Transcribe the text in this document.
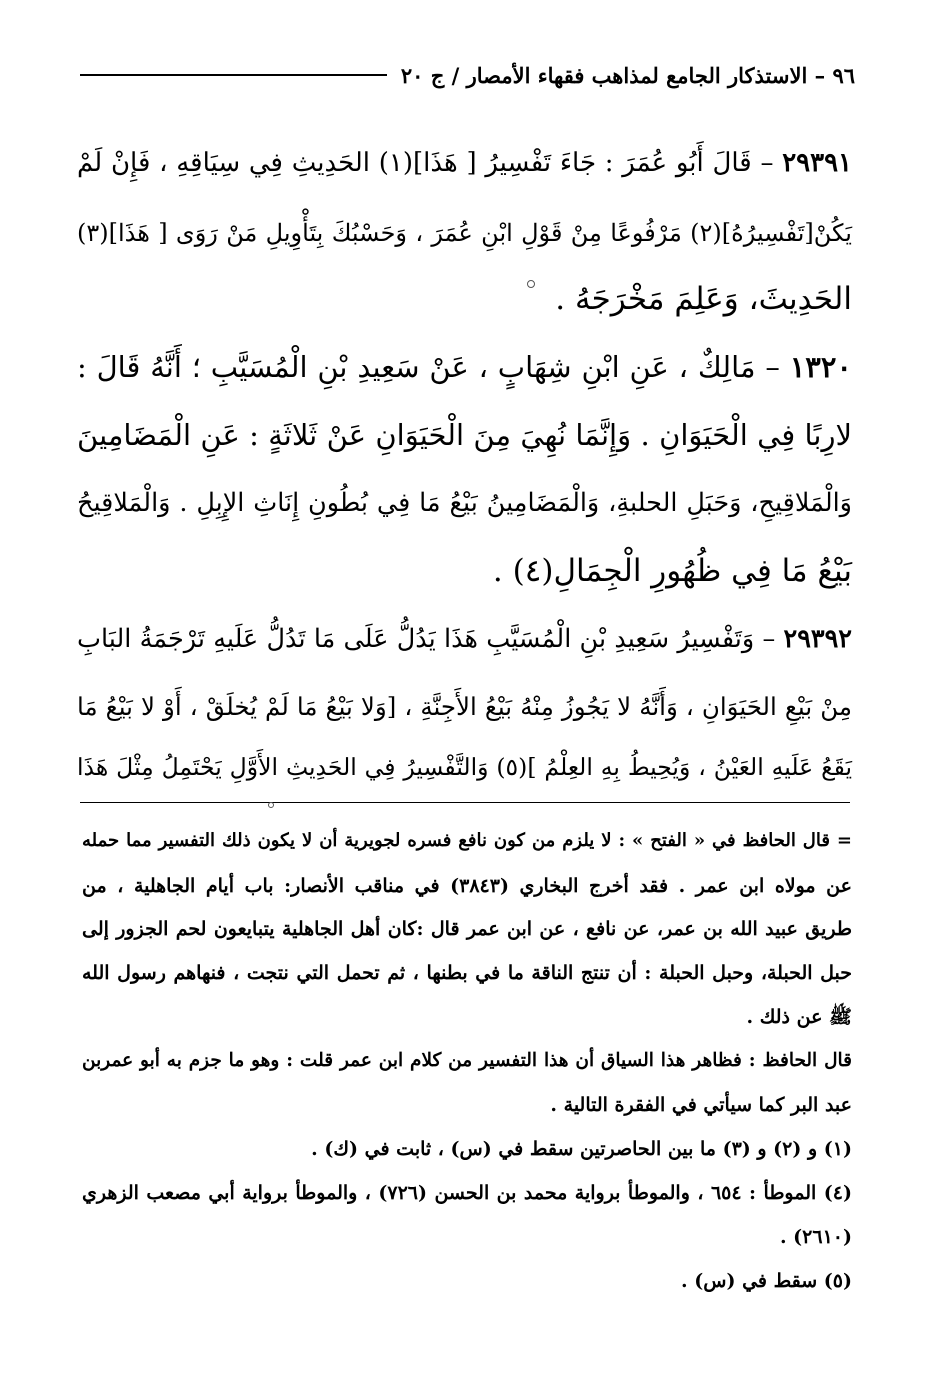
٩٦ – الاستذكار الجامع لمذاهب فقهاء الأمصار / ج ٢٠
٢٩٣٩١ – قَالَ أَبُو عُمَرَ : جَاءَ تَفْسِيرُ [ هَذَا](١) الحَدِيثِ فِي سِيَاقِهِ ، فَإِنْ لَمْ
يَكُنْ[تَفْسِيرُهُ](٢) مَرْفُوعًا مِنْ قَوْلِ ابْنِ عُمَرَ ، وَحَسْبُكَ بِتَأْوِيلِ مَنْ رَوَى [ هَذَا](٣)
الحَدِيثَ، وَعَلِمَ مَخْرَجَهُ .
١٣٢٠ – مَالِكٌ ، عَنِ ابْنِ شِهَابٍ ، عَنْ سَعِيدِ بْنِ الْمُسَيَّبِ ؛ أَنَّهُ قَالَ :
لارِبًا فِي الْحَيَوَانِ . وَإِنَّمَا نُهِيَ مِنَ الْحَيَوَانِ عَنْ ثَلاثَةٍ : عَنِ الْمَضَامِينَ
وَالْمَلاقِيحِ، وَحَبَلِ الحلبةِ، وَالْمَضَامِينُ بَيْعُ مَا فِي بُطُونِ إِنَاثِ الإِبِلِ . وَالْمَلاقِيحُ
بَيْعُ مَا فِي ظُهُورِ الْجِمَالِ(٤) .
٢٩٣٩٢ – وَتَفْسِيرُ سَعِيدِ بْنِ الْمُسَيَّبِ هَذَا يَدُلُّ عَلَى مَا تَدُلُّ عَلَيهِ تَرْجَمَةُ البَابِ
مِنْ بَيْعِ الحَيَوَانِ ، وَأَنَّهُ لا يَجُوزُ مِنْهُ بَيْعُ الأَجِنَّةِ ، [وَلا بَيْعُ مَا لَمْ يُخلَقْ ، أَوْ لا بَيْعُ مَا
يَقَعُ عَلَيهِ العَيْنُ ، وَيُحِيطُ بِهِ العِلْمُ ](٥) وَالتَّفْسِيرُ فِي الحَدِيثِ الأَوَّلِ يَحْتَمِلُ مِثْلَ هَذَا
= قال الحافظ في « الفتح » : لا يلزم من كون نافع فسره لجويرية أن لا يكون ذلك التفسير مما حمله
عن مولاه ابن عمر . فقد أخرج البخاري (٣٨٤٣) في مناقب الأنصار: باب أيام الجاهلية ، من
طريق عبيد الله بن عمر، عن نافع ، عن ابن عمر قال :كان أهل الجاهلية يتبايعون لحم الجزور إلى
حبل الحبلة، وحبل الحبلة : أن تنتج الناقة ما في بطنها ، ثم تحمل التي نتجت ، فنهاهم رسول الله
ﷺ عن ذلك .
قال الحافظ : فظاهر هذا السياق أن هذا التفسير من كلام ابن عمر قلت : وهو ما جزم به أبو عمربن
عبد البر كما سيأتي في الفقرة التالية .
(١) و (٢) و (٣) ما بين الحاصرتين سقط في (س) ، ثابت في (ك) .
(٤) الموطأ : ٦٥٤ ، والموطأ برواية محمد بن الحسن (٧٢٦) ، والموطأ برواية أبي مصعب الزهري
(٢٦١٠) .
(٥) سقط في (س) .
